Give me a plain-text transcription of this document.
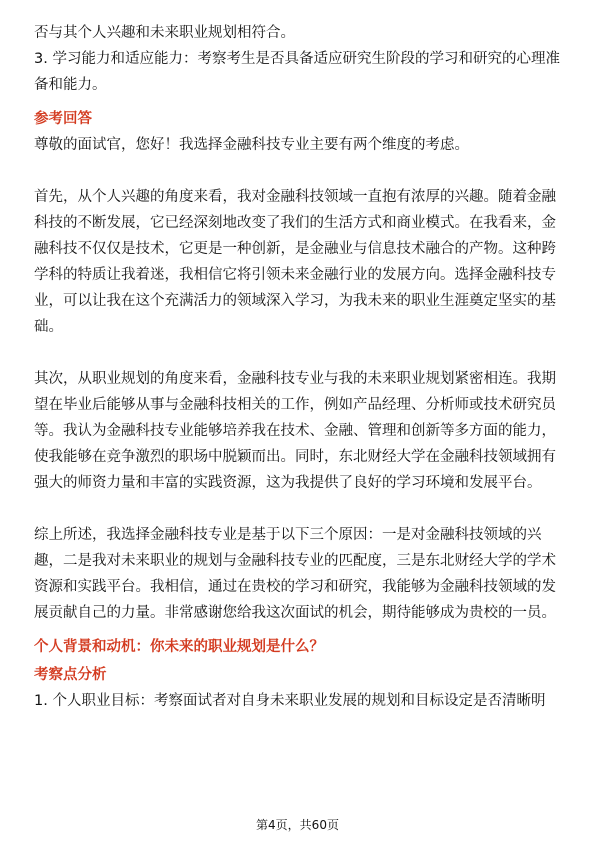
否与其个人兴趣和未来职业规划相符合。

3. 学习能力和适应能力：考察考生是否具备适应研究生阶段的学习和研究的心理准

备和能力。

参考回答

尊敬的面试官，您好！我选择金融科技专业主要有两个维度的考虑。

首先，从个人兴趣的角度来看，我对金融科技领域一直抱有浓厚的兴趣。随着金融

科技的不断发展，它已经深刻地改变了我们的生活方式和商业模式。在我看来，金

融科技不仅仅是技术，它更是一种创新，是金融业与信息技术融合的产物。这种跨

学科的特质让我着迷，我相信它将引领未来金融行业的发展方向。选择金融科技专

业，可以让我在这个充满活力的领域深入学习，为我未来的职业生涯奠定坚实的基

础。

其次，从职业规划的角度来看，金融科技专业与我的未来职业规划紧密相连。我期

望在毕业后能够从事与金融科技相关的工作，例如产品经理、分析师或技术研究员

等。我认为金融科技专业能够培养我在技术、金融、管理和创新等多方面的能力，

使我能够在竞争激烈的职场中脱颖而出。同时，东北财经大学在金融科技领域拥有

强大的师资力量和丰富的实践资源，这为我提供了良好的学习环境和发展平台。

综上所述，我选择金融科技专业是基于以下三个原因：一是对金融科技领域的兴

趣，二是我对未来职业的规划与金融科技专业的匹配度，三是东北财经大学的学术

资源和实践平台。我相信，通过在贵校的学习和研究，我能够为金融科技领域的发

展贡献自己的力量。非常感谢您给我这次面试的机会，期待能够成为贵校的一员。

个人背景和动机：你未来的职业规划是什么？

考察点分析

1. 个人职业目标：考察面试者对自身未来职业发展的规划和目标设定是否清晰明

第4页，共60页
